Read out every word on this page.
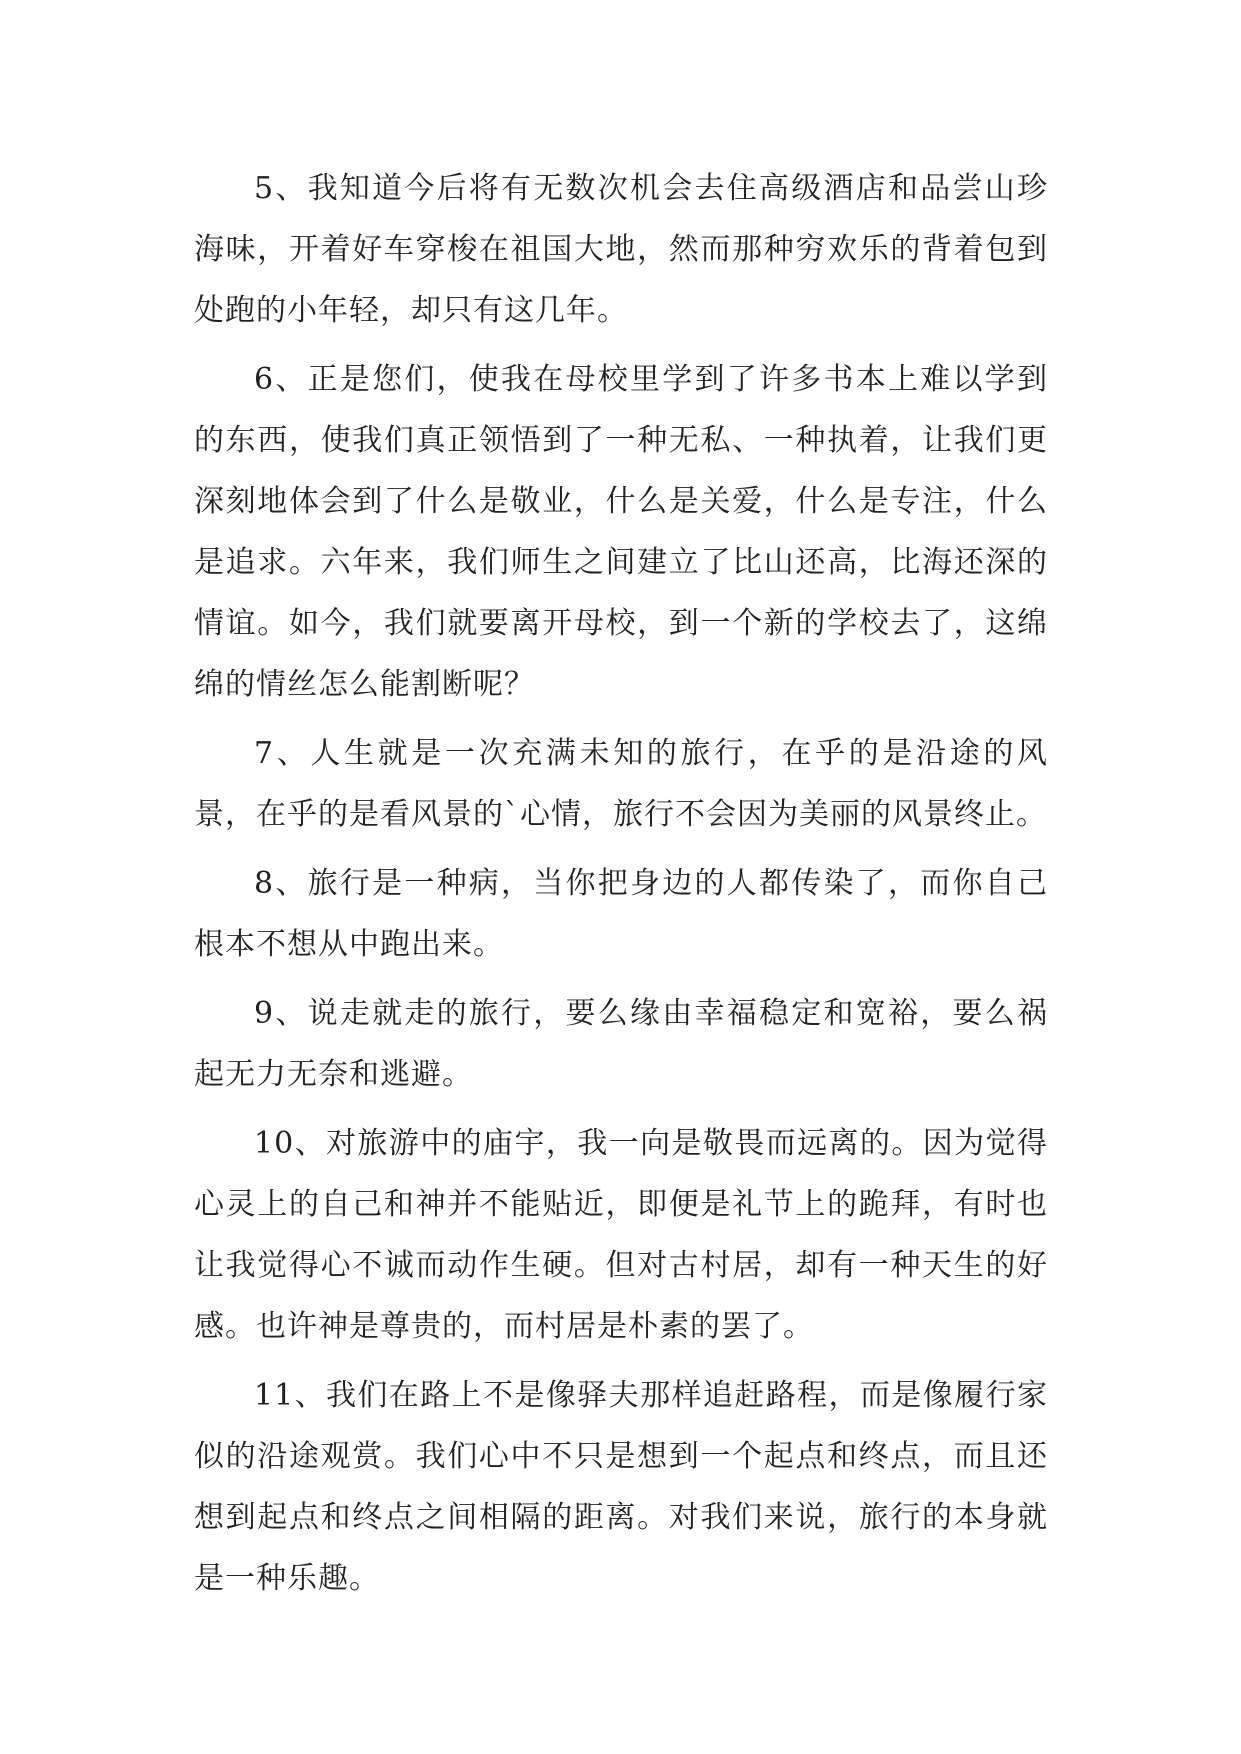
5、我知道今后将有无数次机会去住高级酒店和品尝山珍海味，开着好车穿梭在祖国大地，然而那种穷欢乐的背着包到处跑的小年轻，却只有这几年。

6、正是您们，使我在母校里学到了许多书本上难以学到的东西，使我们真正领悟到了一种无私、一种执着，让我们更深刻地体会到了什么是敬业，什么是关爱，什么是专注，什么是追求。六年来，我们师生之间建立了比山还高，比海还深的情谊。如今，我们就要离开母校，到一个新的学校去了，这绵绵的情丝怎么能割断呢？

7、人生就是一次充满未知的旅行，在乎的是沿途的风景，在乎的是看风景的`心情，旅行不会因为美丽的风景终止。

8、旅行是一种病，当你把身边的人都传染了，而你自己根本不想从中跑出来。

9、说走就走的旅行，要么缘由幸福稳定和宽裕，要么祸起无力无奈和逃避。

10、对旅游中的庙宇，我一向是敬畏而远离的。因为觉得心灵上的自己和神并不能贴近，即便是礼节上的跪拜，有时也让我觉得心不诚而动作生硬。但对古村居，却有一种天生的好感。也许神是尊贵的，而村居是朴素的罢了。

11、我们在路上不是像驿夫那样追赶路程，而是像履行家似的沿途观赏。我们心中不只是想到一个起点和终点，而且还想到起点和终点之间相隔的距离。对我们来说，旅行的本身就是一种乐趣。
